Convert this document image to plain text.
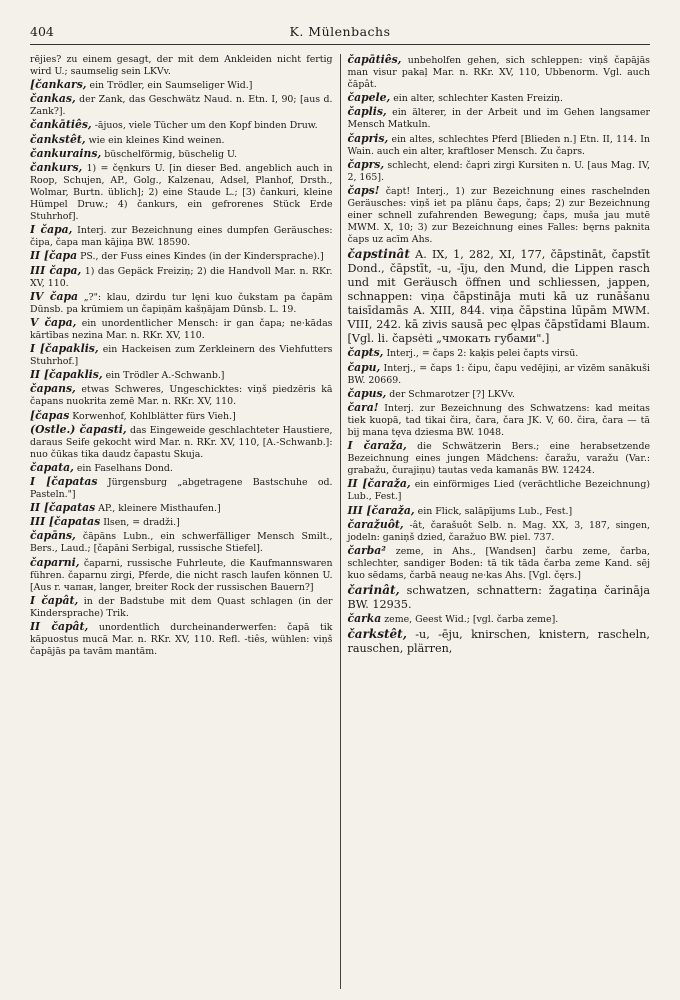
404	K. Mülenbachs

rējies? zu einem gesagt, der mit dem Ankleiden nicht fertig wird U.; saumselig sein LKVv.

[čankars, ein Trödler, ein Saumseliger Wid.]

čankas, der Zank, das Geschwätz Naud. n. Etn. I, 90; [aus d. Zank?].

čankātiês, -ājuos, viele Tücher um den Kopf binden Druw.

čankstêt, wie ein kleines Kind weinen.

čankurains, büschelförmig, büschelig U.

čankurs, 1) = čęnkurs U. [in dieser Bed. angeblich auch in Roop, Schujen, AP., Golg., Kalzenau, Adsel, Planhof, Drsth., Wolmar, Burtn. üblich]; 2) eine Staude L.; [3) čankuri, kleine Hümpel Druw.; 4) čankurs, ein gefrorenes Stück Erde Stuhrhof].

I čapa, Interj. zur Bezeichnung eines dumpfen Geräusches: čipa, čapa man kājiņa BW. 18590.

II [čapa PS., der Fuss eines Kindes (in der Kindersprache).]

III čapa, 1) das Gepäck Freiziņ; 2) die Handvoll Mar. n. RKr. XV, 110.

IV čapa „?": klau, dzirdu tur lęni kuo čukstam pa čapām Dūnsb. pa krūmiem un čapiņām kašņājam Dūnsb. L. 19.

V čapa, ein unordentlicher Mensch: ir gan čapa; ne·kādas kārtības nezina Mar. n. RKr. XV, 110.

I [čapaklis, ein Hackeisen zum Zerkleinern des Viehfutters Stuhrhof.]

II [čapaklis, ein Trödler A.-Schwanb.]

čapans, etwas Schweres, Ungeschicktes: viņš piedzēris kā čapans nuokrita zemē Mar. n. RKr. XV, 110.

[čapas Korwenhof, Kohlblätter fürs Vieh.]

(Ostle.) čapasti, das Eingeweide geschlachteter Haustiere, daraus Seife gekocht wird Mar. n. RKr. XV, 110, [A.-Schwanb.]: nuo čūkas tika daudz čapastu Skuja.

čapata, ein Faselhans Dond.

I [čapatas Jürgensburg „abgetragene Bastschuhe od. Pasteln."]

II [čapatas AP., kleinere Misthaufen.]

III [čapatas Ilsen, = dradži.]

čapāns, čāpāns Lubn., ein schwerfälliger Mensch Smilt., Bers., Laud.; [čapāni Serbigal, russische Stiefel].

čaparni, čaparni, russische Fuhrleute, die Kaufmannswaren führen. čaparnu zirgi, Pferde, die nicht rasch laufen können U. [Aus r. чапан, langer, breiter Rock der russischen Bauern?]

I čapât, in der Badstube mit dem Quast schlagen (in der Kindersprache) Trik.

II čapât, unordentlich durcheinanderwerfen: čapā tik kāpuostus mucā Mar. n. RKr. XV, 110. Refl. -tiês, wühlen: viņš čapājās pa tavām mantām.

čapātiês, unbeholfen gehen, sich schleppen: viņš čapājās man visur pakaļ Mar. n. RKr. XV, 110, Ubbenorm. Vgl. auch čāpât.

čapele, ein alter, schlechter Kasten Freiziņ.

čaplis, ein älterer, in der Arbeit und im Gehen langsamer Mensch Matkuln.

čapris, ein altes, schlechtes Pferd [Blieden n.] Etn. II, 114. In Wain. auch ein alter, kraftloser Mensch. Zu čaprs.

čaprs, schlecht, elend: čapri zirgi Kursiten n. U. [aus Mag. IV, 2, 165].

čaps! čapt! Interj., 1) zur Bezeichnung eines raschelnden Geräusches: viņš iet pa plānu čaps, čaps; 2) zur Bezeichnung einer schnell zufahrenden Bewegung; čaps, muša jau mutē MWM. X, 10; 3) zur Bezeichnung eines Falles: bęrns paknita čaps uz acīm Ahs.

čapstinât A. IX, 1, 282, XI, 177, čāpstināt, čapstīt Dond., čāpstīt, -u, -īju, den Mund, die Lippen rasch und mit Geräusch öffnen und schliessen, jappen, schnappen: viņa čāpstināja muti kā uz runāšanu taisīdamās A. XIII, 844. viņa čāpstina lūpām MWM. VIII, 242. kā zivis sausā pec ęlpas čāpstīdami Blaum. [Vgl. li. čapsėti „чмокать губами".]

čapts, Interj., = čaps 2: kaķis pelei čapts virsū.

čapu, Interj., = čaps 1: čipu, čapu vedējiņi, ar vīzēm sanākuši BW. 20669.

čapus, der Schmarotzer [?] LKVv.

čara! Interj. zur Bezeichnung des Schwatzens: kad meitas tiek kuopā, tad tikai čira, čara, čara JK. V, 60. čira, čara — tā bij mana tęva dziesma BW. 1048.

I čaraža, die Schwätzerin Bers.; eine herabsetzende Bezeichnung eines jungen Mädchens: čaražu, varažu (Var.: grabažu, čurajiņu) tautas veda kamanās BW. 12424.

II [čaraža, ein einförmiges Lied (verächtliche Bezeichnung) Lub., Fest.]

III [čaraža, ein Flick, salāpījums Lub., Fest.]

čaražuôt, -ât, čarašuôt Selb. n. Mag. XX, 3, 187, singen, jodeln: ganiņš dzied, čaražuo BW. piel. 737.

čarba² zeme, in Ahs., [Wandsen] čarbu zeme, čarba, schlechter, sandiger Boden: tā tik tāda čarba zeme Kand. sēj kuo sēdams, čarbā neaug ne·kas Ahs. [Vgl. čęrs.]

čarinât, schwatzen, schnattern: žagatiņa čarināja BW. 12935.

čarka zeme, Geest Wid.; [vgl. čarba zeme].

čarkstêt, -u, -ēju, knirschen, knistern, rascheln, rauschen, plärren,
